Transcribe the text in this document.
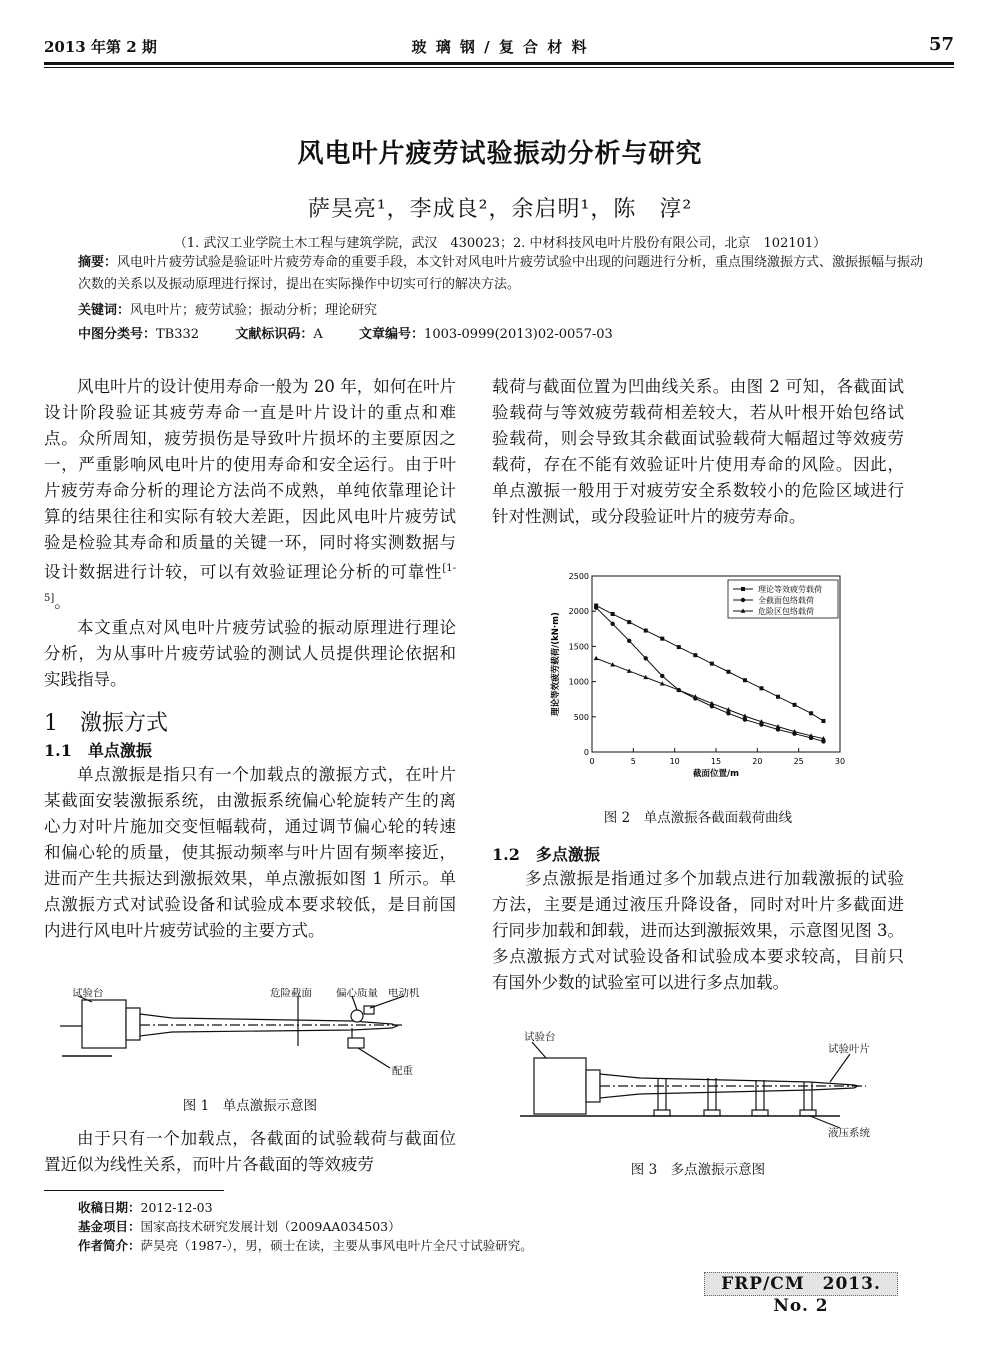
2013 年第 2 期	玻 璃 钢 / 复 合 材 料	57
风电叶片疲劳试验振动分析与研究
萨昊亮¹，李成良²，余启明¹，陈　淳²
（1. 武汉工业学院土木工程与建筑学院，武汉　430023；2. 中材科技风电叶片股份有限公司，北京　102101）
摘要：风电叶片疲劳试验是验证叶片疲劳寿命的重要手段，本文针对风电叶片疲劳试验中出现的问题进行分析，重点围绕激振方式、激振振幅与振动次数的关系以及振动原理进行探讨，提出在实际操作中切实可行的解决方法。
关键词：风电叶片；疲劳试验；振动分析；理论研究
中图分类号：TB332	文献标识码：A	文章编号：1003-0999(2013)02-0057-03

风电叶片的设计使用寿命一般为 20 年，如何在叶片设计阶段验证其疲劳寿命一直是叶片设计的重点和难点。众所周知，疲劳损伤是导致叶片损坏的主要原因之一，严重影响风电叶片的使用寿命和安全运行。由于叶片疲劳寿命分析的理论方法尚不成熟，单纯依靠理论计算的结果往往和实际有较大差距，因此风电叶片疲劳试验是检验其寿命和质量的关键一环，同时将实测数据与设计数据进行计较，可以有效验证理论分析的可靠性[1-5]。

本文重点对风电叶片疲劳试验的振动原理进行理论分析，为从事叶片疲劳试验的测试人员提供理论依据和实践指导。

1 激振方式
1.1 单点激振

单点激振是指只有一个加载点的激振方式，在叶片某截面安装激振系统，由激振系统偏心轮旋转产生的离心力对叶片施加交变恒幅载荷，通过调节偏心轮的转速和偏心轮的质量，使其振动频率与叶片固有频率接近，进而产生共振达到激振效果，单点激振如图 1 所示。单点激振方式对试验设备和试验成本要求较低，是目前国内进行风电叶片疲劳试验的主要方式。

试验台	危险截面 偏心质量 电动机
配重
图 1　单点激振示意图

由于只有一个加载点，各截面的试验载荷与截面位置近似为线性关系，而叶片各截面的等效疲劳

载荷与截面位置为凹曲线关系。由图 2 可知，各截面试验载荷与等效疲劳载荷相差较大，若从叶根开始包络试验载荷，则会导致其余截面试验载荷大幅超过等效疲劳载荷，存在不能有效验证叶片使用寿命的风险。因此，单点激振一般用于对疲劳安全系数较小的危险区域进行针对性测试，或分段验证叶片的疲劳寿命。

0	5	10	15	20	25	30
0
500
1000
1500
2000
2500
截面位置/m
理论等效疲劳载荷/(kN·m)
理论等效疲劳载荷
全截面包络载荷
危险区包络载荷
图 2　单点激振各截面载荷曲线
1.2 多点激振

多点激振是指通过多个加载点进行加载激振的试验方法，主要是通过液压升降设备，同时对叶片多截面进行同步加载和卸载，进而达到激振效果，示意图见图 3。多点激振方式对试验设备和试验成本要求较高，目前只有国外少数的试验室可以进行多点加载。

试验台
试验叶片
液压系统
图 3　多点激振示意图
收稿日期：2012-12-03
基金项目：国家高技术研究发展计划（2009AA034503）
作者简介：萨昊亮（1987-），男，硕士在读，主要从事风电叶片全尺寸试验研究。
FRP/CM　2013. No. 2
